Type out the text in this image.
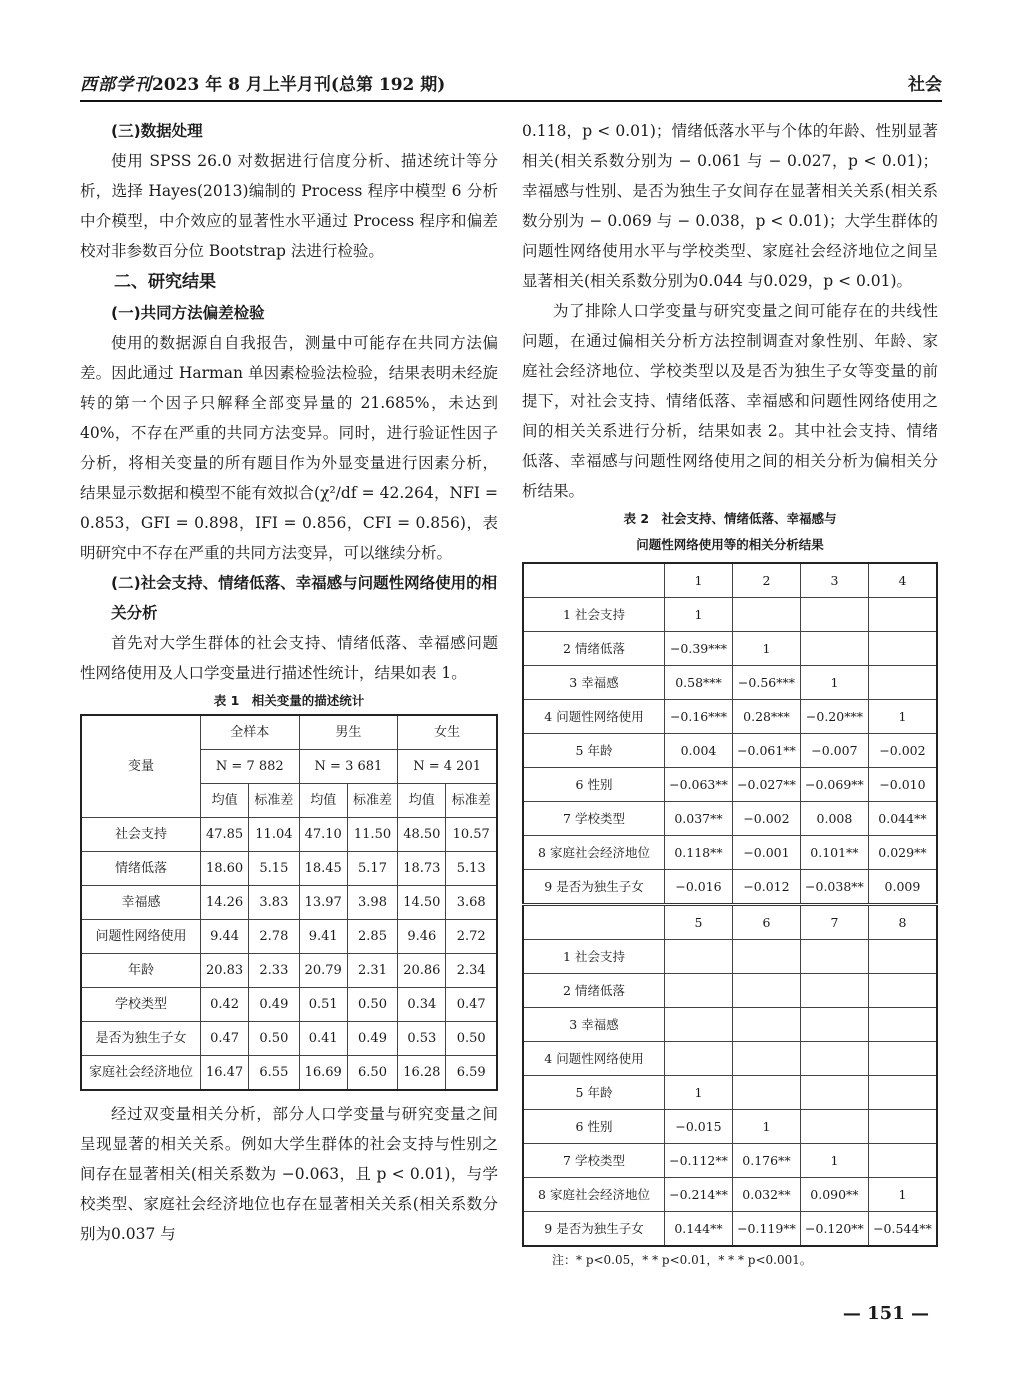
西部学刊2023 年 8 月上半月刊(总第 192 期)	社会
(三)数据处理

使用 SPSS 26.0 对数据进行信度分析、描述统计等分析，选择 Hayes(2013)编制的 Process 程序中模型 6 分析中介模型，中介效应的显著性水平通过 Process 程序和偏差校对非参数百分位 Bootstrap 法进行检验。

二、研究结果
(一)共同方法偏差检验

使用的数据源自自我报告，测量中可能存在共同方法偏差。因此通过 Harman 单因素检验法检验，结果表明未经旋转的第一个因子只解释全部变异量的 21.685%，未达到 40%，不存在严重的共同方法变异。同时，进行验证性因子分析，将相关变量的所有题目作为外显变量进行因素分析，结果显示数据和模型不能有效拟合(χ²/df = 42.264，NFI = 0.853，GFI = 0.898，IFI = 0.856，CFI = 0.856)，表明研究中不存在严重的共同方法变异，可以继续分析。

(二)社会支持、情绪低落、幸福感与问题性网络使用的相关分析

首先对大学生群体的社会支持、情绪低落、幸福感问题性网络使用及人口学变量进行描述性统计，结果如表 1。

表 1　相关变量的描述统计
变量	全样本		男生		女生	
	N = 7 882		N = 3 681		N = 4 201	
	均值	标准差	均值	标准差	均值	标准差
社会支持	47.85	11.04	47.10	11.50	48.50	10.57
情绪低落	18.60	5.15	18.45	5.17	18.73	5.13
幸福感	14.26	3.83	13.97	3.98	14.50	3.68
问题性网络使用	9.44	2.78	9.41	2.85	9.46	2.72
年龄	20.83	2.33	20.79	2.31	20.86	2.34
学校类型	0.42	0.49	0.51	0.50	0.34	0.47
是否为独生子女	0.47	0.50	0.41	0.49	0.53	0.50
家庭社会经济地位	16.47	6.55	16.69	6.50	16.28	6.59

经过双变量相关分析，部分人口学变量与研究变量之间呈现显著的相关关系。例如大学生群体的社会支持与性别之间存在显著相关(相关系数为 −0.063，且 p < 0.01)，与学校类型、家庭社会经济地位也存在显著相关关系(相关系数分别为0.037 与

0.118，p < 0.01)；情绪低落水平与个体的年龄、性别显著相关(相关系数分别为 − 0.061 与 − 0.027，p < 0.01)；幸福感与性别、是否为独生子女间存在显著相关关系(相关系数分别为 − 0.069 与 − 0.038，p < 0.01)；大学生群体的问题性网络使用水平与学校类型、家庭社会经济地位之间呈显著相关(相关系数分别为0.044 与0.029，p < 0.01)。

为了排除人口学变量与研究变量之间可能存在的共线性问题，在通过偏相关分析方法控制调查对象性别、年龄、家庭社会经济地位、学校类型以及是否为独生子女等变量的前提下，对社会支持、情绪低落、幸福感和问题性网络使用之间的相关关系进行分析，结果如表 2。其中社会支持、情绪低落、幸福感与问题性网络使用之间的相关分析为偏相关分析结果。

表 2　社会支持、情绪低落、幸福感与
问题性网络使用等的相关分析结果
	1	2	3	4
1 社会支持	1			
2 情绪低落	−0.39***	1		
3 幸福感	0.58***	−0.56***	1	
4 问题性网络使用	−0.16***	0.28***	−0.20***	1
5 年龄	0.004	−0.061**	−0.007	−0.002
6 性别	−0.063**	−0.027**	−0.069**	−0.010
7 学校类型	0.037**	−0.002	0.008	0.044**
8 家庭社会经济地位	0.118**	−0.001	0.101**	0.029**
9 是否为独生子女	−0.016	−0.012	−0.038**	0.009
	5	6	7	8
1 社会支持				
2 情绪低落				
3 幸福感				
4 问题性网络使用				
5 年龄	1			
6 性别	−0.015	1		
7 学校类型	−0.112**	0.176**	1	
8 家庭社会经济地位	−0.214**	0.032**	0.090**	1
9 是否为独生子女	0.144**	−0.119**	−0.120**	−0.544**
注：* p<0.05，* * p<0.01，* * * p<0.001。
— 151 —
